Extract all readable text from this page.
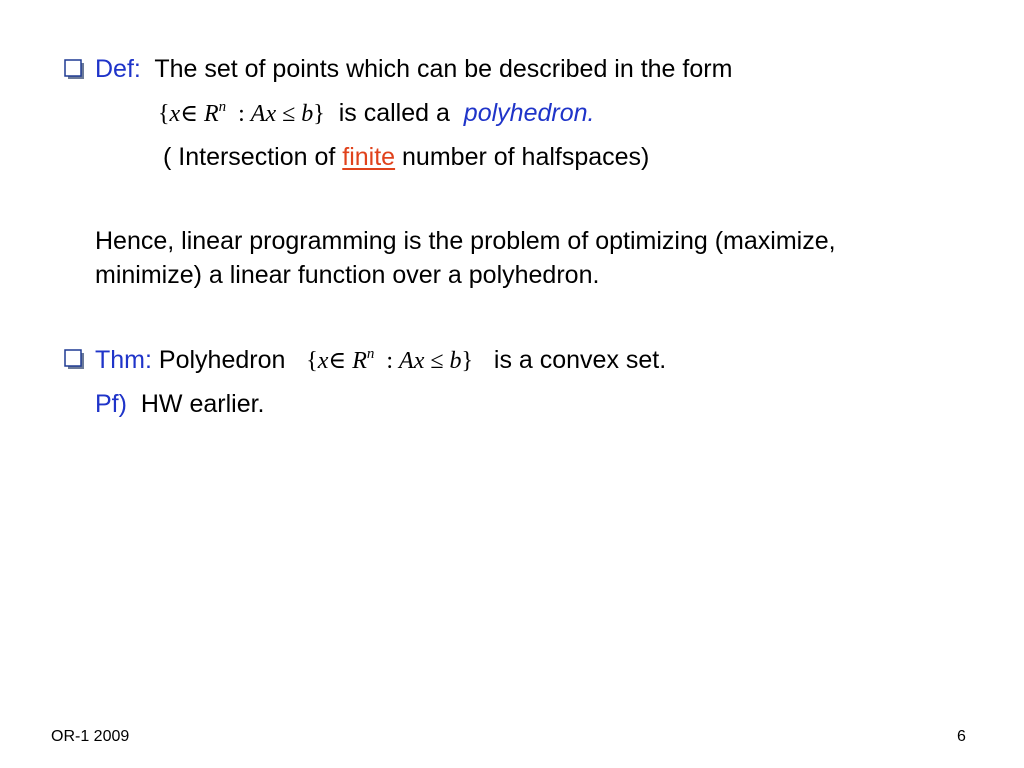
Def: The set of points which can be described in the form
{x∈ $R^n$ : Ax ≤ b} is called a polyhedron.
( Intersection of finite number of halfspaces)
Hence, linear programming is the problem of optimizing (maximize,
minimize) a linear function over a polyhedron.
Thm: Polyhedron {x∈ $R^n$ : Ax ≤ b} is a convex set.
Pf) HW earlier.
OR-1 2009	6
